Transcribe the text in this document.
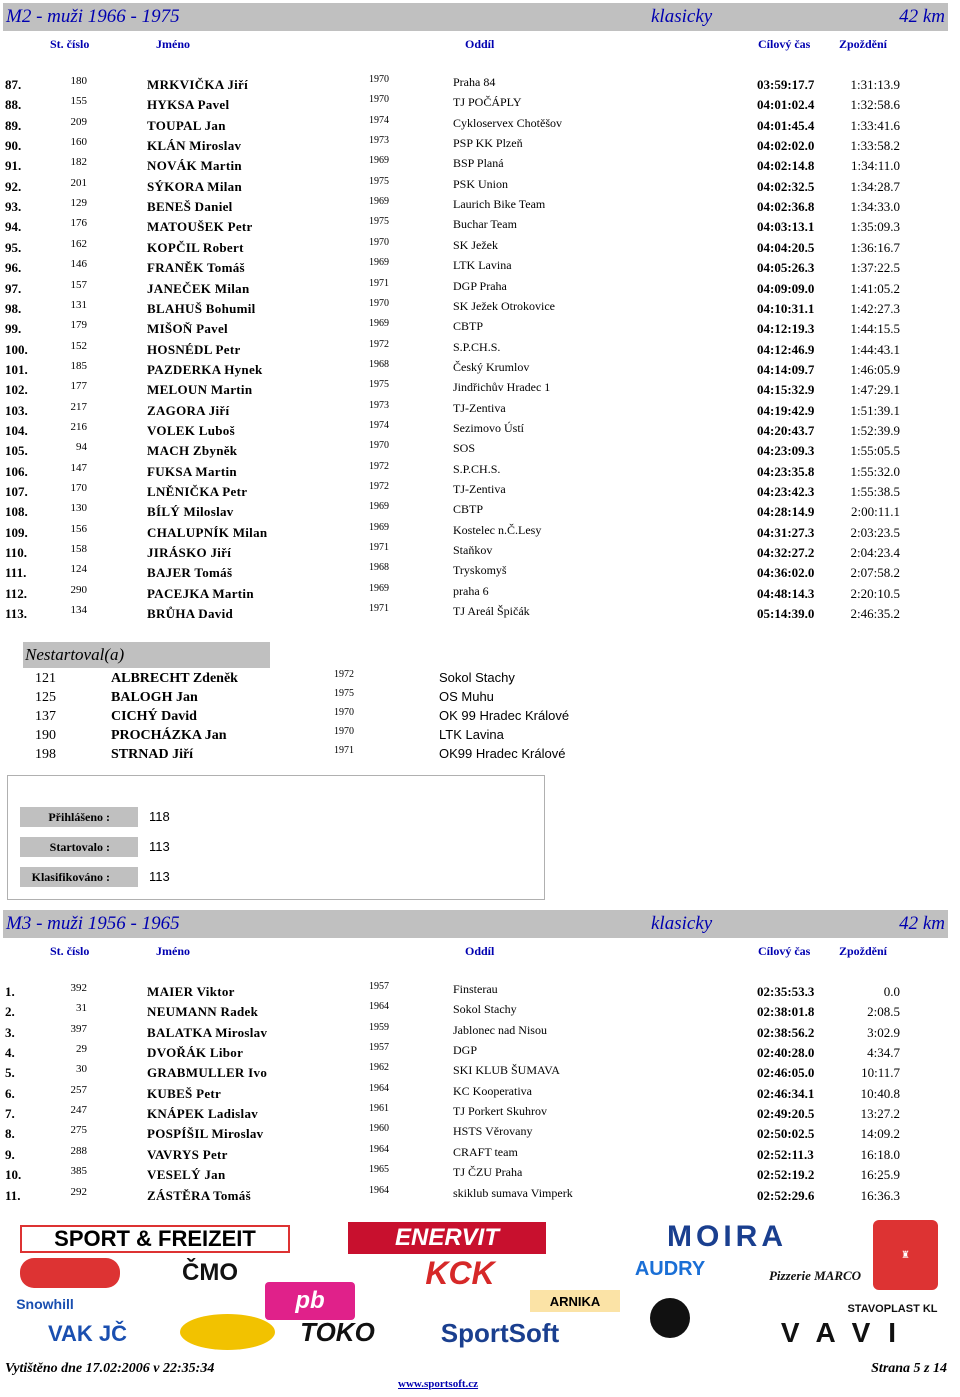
M2 - muži 1966 - 1975	klasicky	42 km
St. číslo	Jméno	Oddíl	Cílový čas Zpoždění
87.	180	MRKVIČKA Jiří	1970	Praha 84	03:59:17.7	1:31:13.9
88.	155	HYKSA Pavel	1970	TJ POČÁPLY	04:01:02.4	1:32:58.6
89.	209	TOUPAL Jan	1974	Cykloservex Chotěšov	04:01:45.4	1:33:41.6
90.	160	KLÁN Miroslav	1973	PSP KK Plzeň	04:02:02.0	1:33:58.2
91.	182	NOVÁK Martin	1969	BSP Planá	04:02:14.8	1:34:11.0
92.	201	SÝKORA Milan	1975	PSK Union	04:02:32.5	1:34:28.7
93.	129	BENEŠ Daniel	1969	Laurich Bike Team	04:02:36.8	1:34:33.0
94.	176	MATOUŠEK Petr	1975	Buchar Team	04:03:13.1	1:35:09.3
95.	162	KOPČIL Robert	1970	SK Ježek	04:04:20.5	1:36:16.7
96.	146	FRANĚK Tomáš	1969	LTK Lavina	04:05:26.3	1:37:22.5
97.	157	JANEČEK Milan	1971	DGP Praha	04:09:09.0	1:41:05.2
98.	131	BLAHUŠ Bohumil	1970	SK Ježek Otrokovice	04:10:31.1	1:42:27.3
99.	179	MIŠOŇ Pavel	1969	CBTP	04:12:19.3	1:44:15.5
100.	152	HOSNÉDL Petr	1972	S.P.CH.S.	04:12:46.9	1:44:43.1
101.	185	PAZDERKA Hynek	1968	Český Krumlov	04:14:09.7	1:46:05.9
102.	177	MELOUN Martin	1975	Jindřichův Hradec 1	04:15:32.9	1:47:29.1
103.	217	ZAGORA Jiří	1973	TJ-Zentiva	04:19:42.9	1:51:39.1
104.	216	VOLEK Luboš	1974	Sezimovo Ústí	04:20:43.7	1:52:39.9
105.	94	MACH Zbyněk	1970	SOS	04:23:09.3	1:55:05.5
106.	147	FUKSA Martin	1972	S.P.CH.S.	04:23:35.8	1:55:32.0
107.	170	LNĚNIČKA Petr	1972	TJ-Zentiva	04:23:42.3	1:55:38.5
108.	130	BÍLÝ Miloslav	1969	CBTP	04:28:14.9	2:00:11.1
109.	156	CHALUPNÍK Milan	1969	Kostelec n.Č.Lesy	04:31:27.3	2:03:23.5
110.	158	JIRÁSKO Jiří	1971	Staňkov	04:32:27.2	2:04:23.4
111.	124	BAJER Tomáš	1968	Tryskomyš	04:36:02.0	2:07:58.2
112.	290	PACEJKA Martin	1969	praha 6	04:48:14.3	2:20:10.5
113.	134	BRŮHA David	1971	TJ Areál Špičák	05:14:39.0	2:46:35.2
Nestartoval(a)
121	ALBRECHT Zdeněk	1972	Sokol Stachy
125	BALOGH Jan	1975	OS Muhu
137	CICHÝ David	1970	OK 99 Hradec Králové
190	PROCHÁZKA Jan	1970	LTK Lavina
198	STRNAD Jiří	1971	OK99 Hradec Králové
Přihlášeno :	118
Startovalo :	113
Klasifikováno :	113
M3 - muži 1956 - 1965	klasicky	42 km
St. číslo	Jméno	Oddíl	Cílový čas Zpoždění
1.	392	MAIER Viktor	1957	Finsterau	02:35:53.3	0.0
2.	31	NEUMANN Radek	1964	Sokol Stachy	02:38:01.8	2:08.5
3.	397	BALATKA Miroslav	1959	Jablonec nad Nisou	02:38:56.2	3:02.9
4.	29	DVOŘÁK Libor	1957	DGP	02:40:28.0	4:34.7
5.	30	GRABMULLER Ivo	1962	SKI KLUB ŠUMAVA	02:46:05.0	10:11.7
6.	257	KUBEŠ Petr	1964	KC Kooperativa	02:46:34.1	10:40.8
7.	247	KNÁPEK Ladislav	1961	TJ Porkert Skuhrov	02:49:20.5	13:27.2
8.	275	POSPÍŠIL Miroslav	1960	HSTS Věrovany	02:50:02.5	14:09.2
9.	288	VAVRYS Petr	1964	CRAFT team	02:52:11.3	16:18.0
10.	385	VESELÝ Jan	1965	TJ ČZU Praha	02:52:19.2	16:25.9
11.	292	ZÁSTĚRA Tomáš	1964	skiklub sumava Vimperk	02:52:29.6	16:36.3
SPORT & FREIZEIT	ENERVIT	MOIRA
♜
ČMO	KCK	AUDRY	Pizzerie MARCO
Snowhill	pb	ARNIKA
STAVOPLAST KL
VAK JČ	TOKO	SportSoft	VAVI
Vytištěno dne 17.02:2006 v 22:35:34	Strana 5 z 14
www.sportsoft.cz
